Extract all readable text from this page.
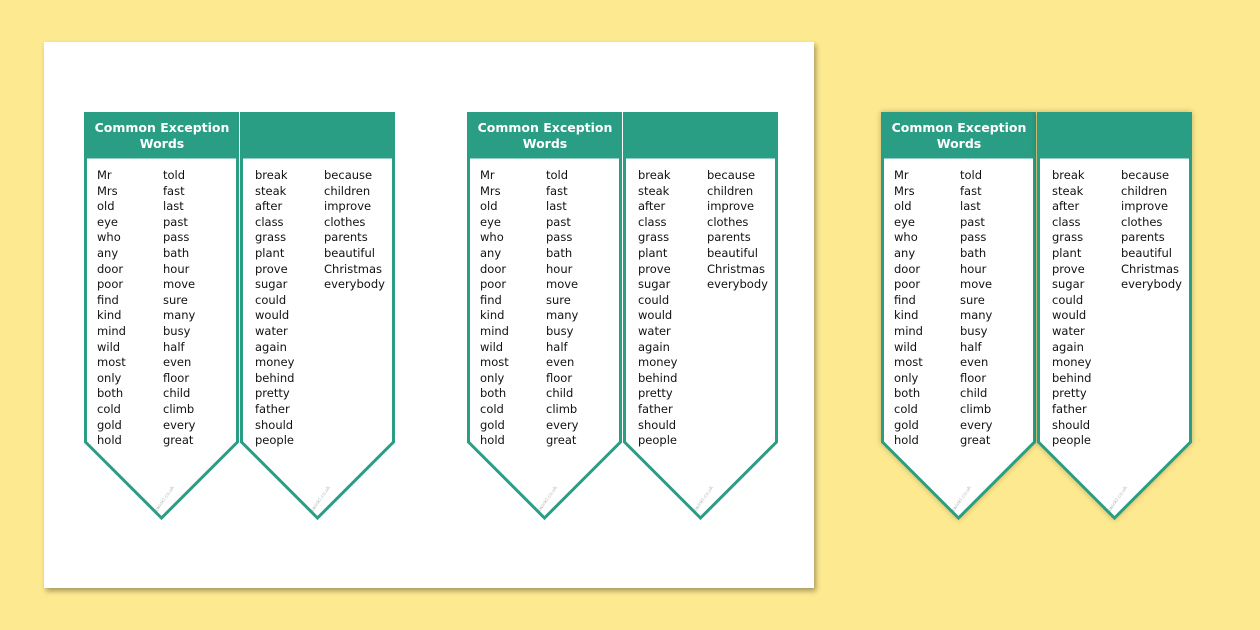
Common Exception Words
Mr
Mrs
old
eye
who
any
door
poor
find
kind
mind
wild
most
only
both
cold
gold
hold
told
fast
last
past
pass
bath
hour
move
sure
many
busy
half
even
floor
child
climb
every
great
twinkl.co.uk
break
steak
after
class
grass
plant
prove
sugar
could
would
water
again
money
behind
pretty
father
should
people
because
children
improve
clothes
parents
beautiful
Christmas
everybody
twinkl.co.uk
Common Exception Words
Mr
Mrs
old
eye
who
any
door
poor
find
kind
mind
wild
most
only
both
cold
gold
hold
told
fast
last
past
pass
bath
hour
move
sure
many
busy
half
even
floor
child
climb
every
great
twinkl.co.uk
break
steak
after
class
grass
plant
prove
sugar
could
would
water
again
money
behind
pretty
father
should
people
because
children
improve
clothes
parents
beautiful
Christmas
everybody
twinkl.co.uk
Common Exception Words
Mr
Mrs
old
eye
who
any
door
poor
find
kind
mind
wild
most
only
both
cold
gold
hold
told
fast
last
past
pass
bath
hour
move
sure
many
busy
half
even
floor
child
climb
every
great
twinkl.co.uk
break
steak
after
class
grass
plant
prove
sugar
could
would
water
again
money
behind
pretty
father
should
people
because
children
improve
clothes
parents
beautiful
Christmas
everybody
twinkl.co.uk
